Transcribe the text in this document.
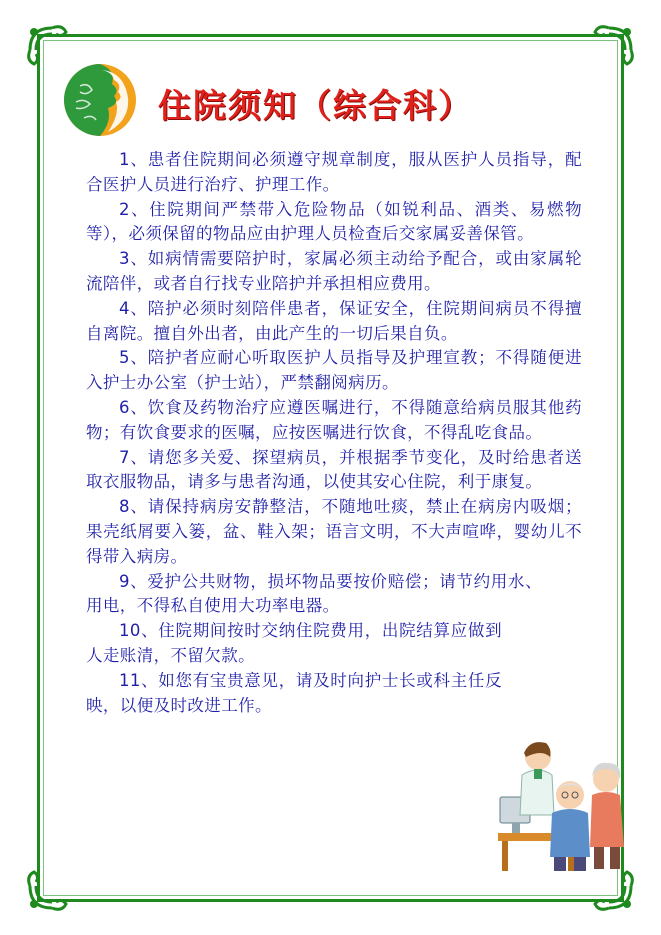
住院须知（综合科）

1、患者住院期间必须遵守规章制度，服从医护人员指导，配合医护人员进行治疗、护理工作。

2、住院期间严禁带入危险物品（如锐利品、酒类、易燃物等），必须保留的物品应由护理人员检查后交家属妥善保管。

3、如病情需要陪护时，家属必须主动给予配合，或由家属轮流陪伴，或者自行找专业陪护并承担相应费用。

4、陪护必须时刻陪伴患者，保证安全，住院期间病员不得擅自离院。擅自外出者，由此产生的一切后果自负。

5、陪护者应耐心听取医护人员指导及护理宣教；不得随便进入护士办公室（护士站），严禁翻阅病历。

6、饮食及药物治疗应遵医嘱进行，不得随意给病员服其他药物；有饮食要求的医嘱，应按医嘱进行饮食，不得乱吃食品。

7、请您多关爱、探望病员，并根据季节变化，及时给患者送取衣服物品，请多与患者沟通，以使其安心住院，利于康复。

8、请保持病房安静整洁，不随地吐痰，禁止在病房内吸烟；果壳纸屑要入篓，盆、鞋入架；语言文明，不大声喧哗，婴幼儿不得带入病房。

9、爱护公共财物，损坏物品要按价赔偿；请节约用水、用电，不得私自使用大功率电器。

10、住院期间按时交纳住院费用，出院结算应做到人走账清，不留欠款。

11、如您有宝贵意见，请及时向护士长或科主任反映，以便及时改进工作。
